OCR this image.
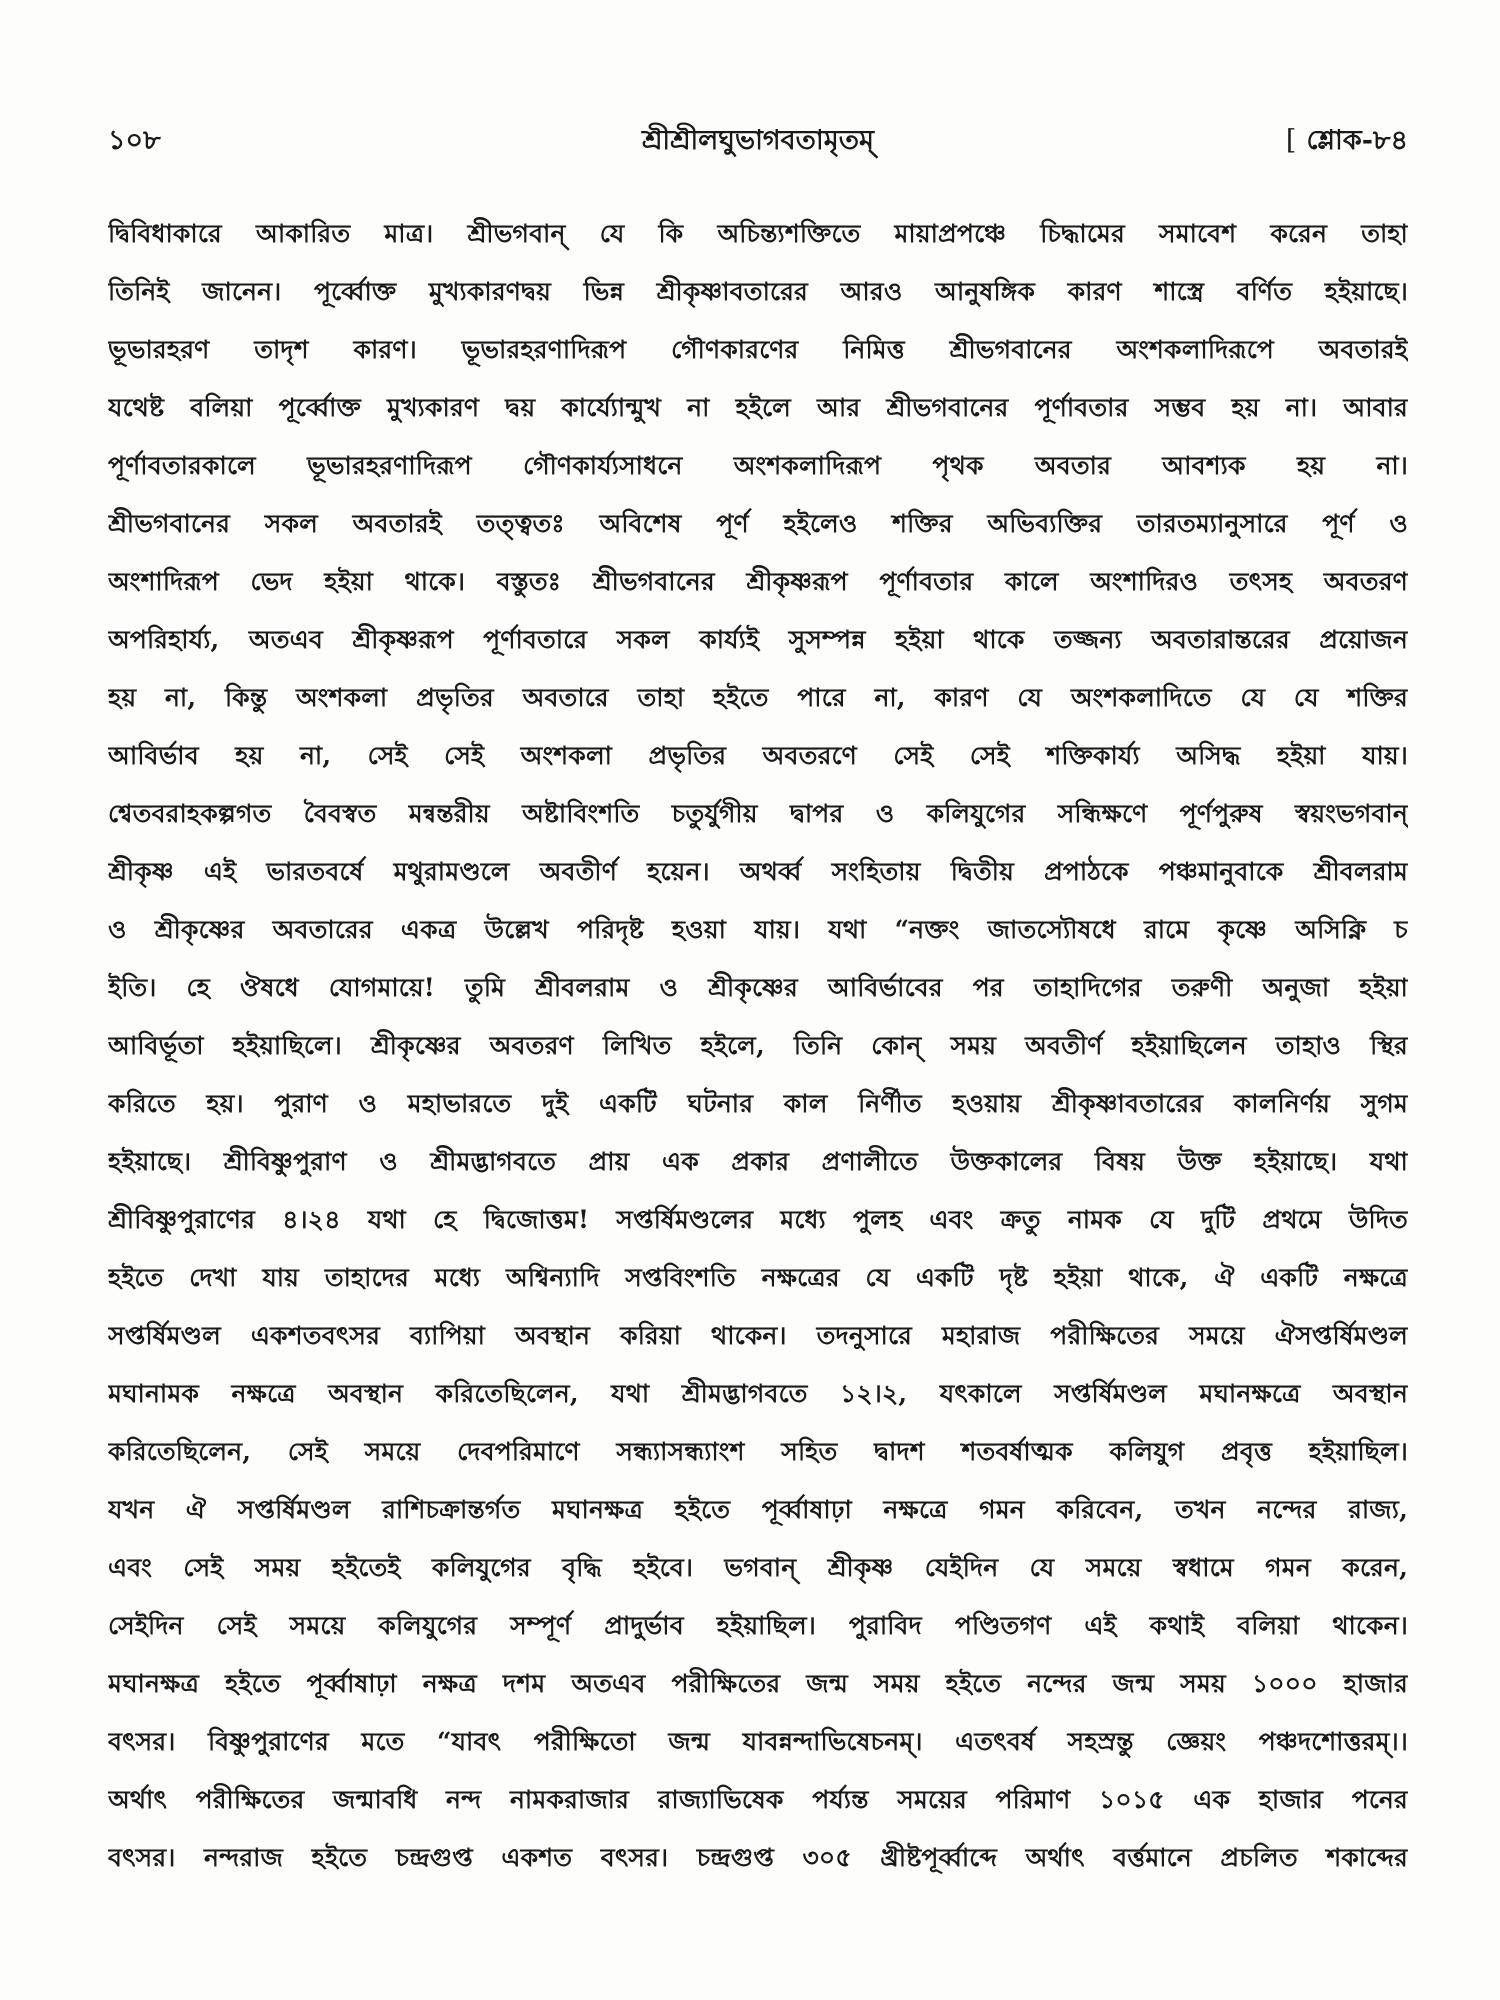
১০৮	শ্রীশ্রীলঘুভাগবতামৃতম্	[ শ্লোক-৮৪
দ্বিবিধাকারে আকারিত মাত্র। শ্রীভগবান্ যে কি অচিন্ত্যশক্তিতে মায়াপ্রপঞ্চে চিদ্ধামের সমাবেশ করেন তাহা
তিনিই জানেন। পূর্ব্বোক্ত মুখ্যকারণদ্বয় ভিন্ন শ্রীকৃষ্ণাবতারের আরও আনুষঙ্গিক কারণ শাস্ত্রে বর্ণিত হইয়াছে।
ভূভারহরণ তাদৃশ কারণ। ভূভারহরণাদিরূপ গৌণকারণের নিমিত্ত শ্রীভগবানের অংশকলাদিরূপে অবতারই
যথেষ্ট বলিয়া পূর্ব্বোক্ত মুখ্যকারণ দ্বয় কার্য্যোন্মুখ না হইলে আর শ্রীভগবানের পূর্ণাবতার সম্ভব হয় না। আবার
পূর্ণাবতারকালে ভূভারহরণাদিরূপ গৌণকার্য্যসাধনে অংশকলাদিরূপ পৃথক অবতার আবশ্যক হয় না।
শ্রীভগবানের সকল অবতারই তত্ত্বতঃ অবিশেষ পূর্ণ হইলেও শক্তির অভিব্যক্তির তারতম্যানুসারে পূর্ণ ও
অংশাদিরূপ ভেদ হইয়া থাকে। বস্তুতঃ শ্রীভগবানের শ্রীকৃষ্ণরূপ পূর্ণাবতার কালে অংশাদিরও তৎসহ অবতরণ
অপরিহার্য্য, অতএব শ্রীকৃষ্ণরূপ পূর্ণাবতারে সকল কার্য্যই সুসম্পন্ন হইয়া থাকে তজ্জন্য অবতারান্তরের প্রয়োজন
হয় না, কিন্তু অংশকলা প্রভৃতির অবতারে তাহা হইতে পারে না, কারণ যে অংশকলাদিতে যে যে শক্তির
আবির্ভাব হয় না, সেই সেই অংশকলা প্রভৃতির অবতরণে সেই সেই শক্তিকার্য্য অসিদ্ধ হইয়া যায়।
শ্বেতবরাহকল্পগত বৈবস্বত মন্বন্তরীয় অষ্টাবিংশতি চতুর্যুগীয় দ্বাপর ও কলিযুগের সন্ধিক্ষণে পূর্ণপুরুষ স্বয়ংভগবান্
শ্রীকৃষ্ণ এই ভারতবর্ষে মথুরামণ্ডলে অবতীর্ণ হয়েন। অথর্ব্ব সংহিতায় দ্বিতীয় প্রপাঠকে পঞ্চমানুবাকে শ্রীবলরাম
ও শ্রীকৃষ্ণের অবতারের একত্র উল্লেখ পরিদৃষ্ট হওয়া যায়। যথা “নক্তং জাতস্যৌষধে রামে কৃষ্ণে অসিক্নি চ
ইতি। হে ঔষধে যোগমায়ে! তুমি শ্রীবলরাম ও শ্রীকৃষ্ণের আবির্ভাবের পর তাহাদিগের তরুণী অনুজা হইয়া
আবির্ভূতা হইয়াছিলে। শ্রীকৃষ্ণের অবতরণ লিখিত হইলে, তিনি কোন্ সময় অবতীর্ণ হইয়াছিলেন তাহাও স্থির
করিতে হয়। পুরাণ ও মহাভারতে দুই একটি ঘটনার কাল নির্ণীত হওয়ায় শ্রীকৃষ্ণাবতারের কালনির্ণয় সুগম
হইয়াছে। শ্রীবিষ্ণুপুরাণ ও শ্রীমদ্ভাগবতে প্রায় এক প্রকার প্রণালীতে উক্তকালের বিষয় উক্ত হইয়াছে। যথা
শ্রীবিষ্ণুপুরাণের ৪।২৪ যথা হে দ্বিজোত্তম! সপ্তর্ষিমণ্ডলের মধ্যে পুলহ এবং ক্রতু নামক যে দুটি প্রথমে উদিত
হইতে দেখা যায় তাহাদের মধ্যে অশ্বিন্যাদি সপ্তবিংশতি নক্ষত্রের যে একটি দৃষ্ট হইয়া থাকে, ঐ একটি নক্ষত্রে
সপ্তর্ষিমণ্ডল একশতবৎসর ব্যাপিয়া অবস্থান করিয়া থাকেন। তদনুসারে মহারাজ পরীক্ষিতের সময়ে ঐসপ্তর্ষিমণ্ডল
মঘানামক নক্ষত্রে অবস্থান করিতেছিলেন, যথা শ্রীমদ্ভাগবতে ১২।২, যৎকালে সপ্তর্ষিমণ্ডল মঘানক্ষত্রে অবস্থান
করিতেছিলেন, সেই সময়ে দেবপরিমাণে সন্ধ্যাসন্ধ্যাংশ সহিত দ্বাদশ শতবর্ষাত্মক কলিযুগ প্রবৃত্ত হইয়াছিল।
যখন ঐ সপ্তর্ষিমণ্ডল রাশিচক্রান্তর্গত মঘানক্ষত্র হইতে পূর্ব্বাষাঢ়া নক্ষত্রে গমন করিবেন, তখন নন্দের রাজ্য,
এবং সেই সময় হইতেই কলিযুগের বৃদ্ধি হইবে। ভগবান্ শ্রীকৃষ্ণ যেইদিন যে সময়ে স্বধামে গমন করেন,
সেইদিন সেই সময়ে কলিযুগের সম্পূর্ণ প্রাদুর্ভাব হইয়াছিল। পুরাবিদ পণ্ডিতগণ এই কথাই বলিয়া থাকেন।
মঘানক্ষত্র হইতে পূর্ব্বাষাঢ়া নক্ষত্র দশম অতএব পরীক্ষিতের জন্ম সময় হইতে নন্দের জন্ম সময় ১০০০ হাজার
বৎসর। বিষ্ণুপুরাণের মতে “যাবৎ পরীক্ষিতো জন্ম যাবন্নন্দাভিষেচনম্। এতৎবর্ষ সহস্রন্তু জ্ঞেয়ং পঞ্চদশোত্তরম্।।
অর্থাৎ পরীক্ষিতের জন্মাবধি নন্দ নামকরাজার রাজ্যাভিষেক পর্য্যন্ত সময়ের পরিমাণ ১০১৫ এক হাজার পনের
বৎসর। নন্দরাজ হইতে চন্দ্রগুপ্ত একশত বৎসর। চন্দ্রগুপ্ত ৩০৫ খ্রীষ্টপূর্ব্বাব্দে অর্থাৎ বর্ত্তমানে প্রচলিত শকাব্দের
